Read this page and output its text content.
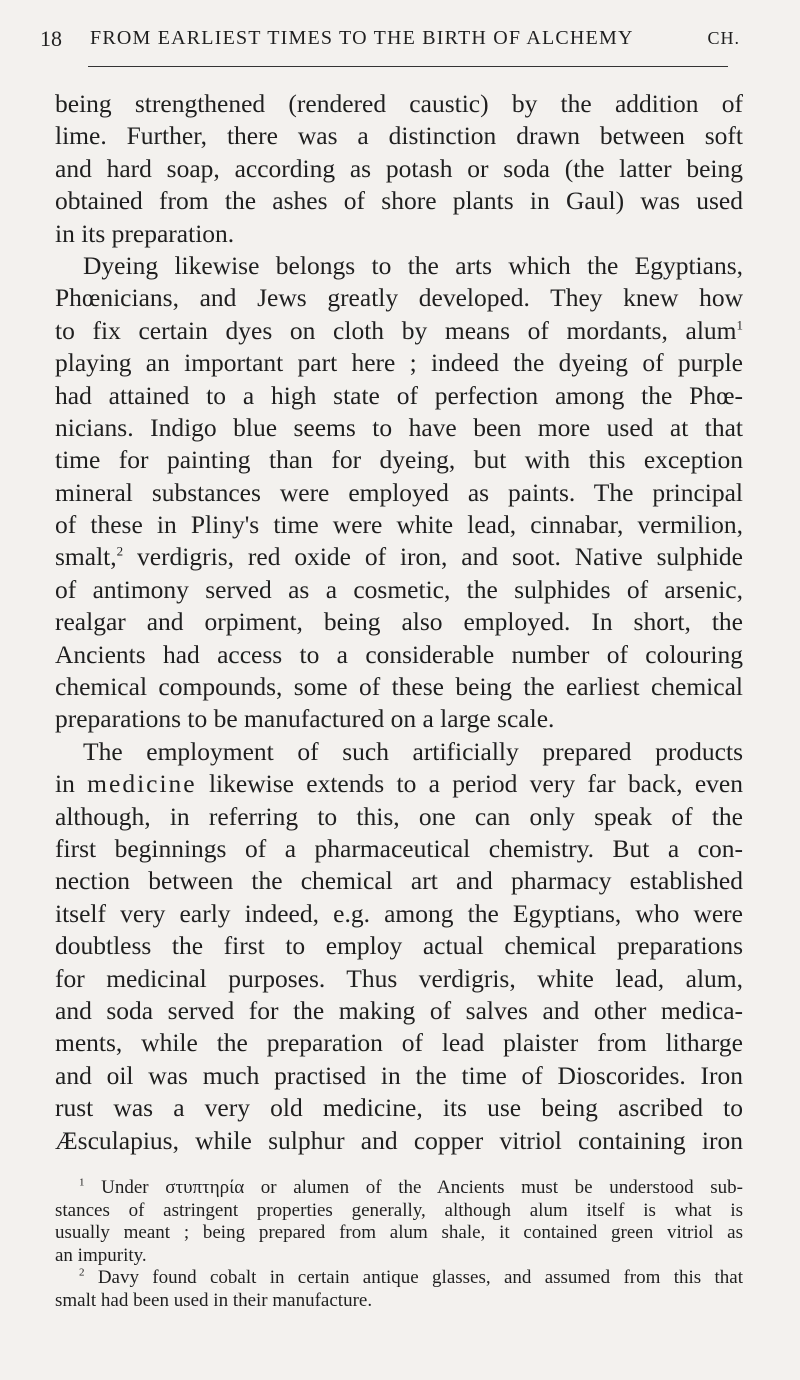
18 FROM EARLIEST TIMES TO THE BIRTH OF ALCHEMY	CH.
being strengthened (rendered caustic) by the addition of
lime. Further, there was a distinction drawn between soft
and hard soap, according as potash or soda (the latter being
obtained from the ashes of shore plants in Gaul) was used
in its preparation.
Dyeing likewise belongs to the arts which the Egyptians,
Phœnicians, and Jews greatly developed. They knew how
to fix certain dyes on cloth by means of mordants, alum$^1$
playing an important part here ; indeed the dyeing of purple
had attained to a high state of perfection among the Phœ-
nicians. Indigo blue seems to have been more used at that
time for painting than for dyeing, but with this exception
mineral substances were employed as paints. The principal
of these in Pliny's time were white lead, cinnabar, vermilion,
smalt,$^2$ verdigris, red oxide of iron, and soot. Native sulphide
of antimony served as a cosmetic, the sulphides of arsenic,
realgar and orpiment, being also employed. In short, the
Ancients had access to a considerable number of colouring
chemical compounds, some of these being the earliest chemical
preparations to be manufactured on a large scale.
The employment of such artificially prepared products
in medicine likewise extends to a period very far back, even
although, in referring to this, one can only speak of the
first beginnings of a pharmaceutical chemistry. But a con-
nection between the chemical art and pharmacy established
itself very early indeed, e.g. among the Egyptians, who were
doubtless the first to employ actual chemical preparations
for medicinal purposes. Thus verdigris, white lead, alum,
and soda served for the making of salves and other medica-
ments, while the preparation of lead plaister from litharge
and oil was much practised in the time of Dioscorides. Iron
rust was a very old medicine, its use being ascribed to
Æsculapius, while sulphur and copper vitriol containing iron
$^1$ Under στυπτηρία or alumen of the Ancients must be understood sub-
stances of astringent properties generally, although alum itself is what is
usually meant ; being prepared from alum shale, it contained green vitriol as
an impurity.
$^2$ Davy found cobalt in certain antique glasses, and assumed from this that
smalt had been used in their manufacture.
